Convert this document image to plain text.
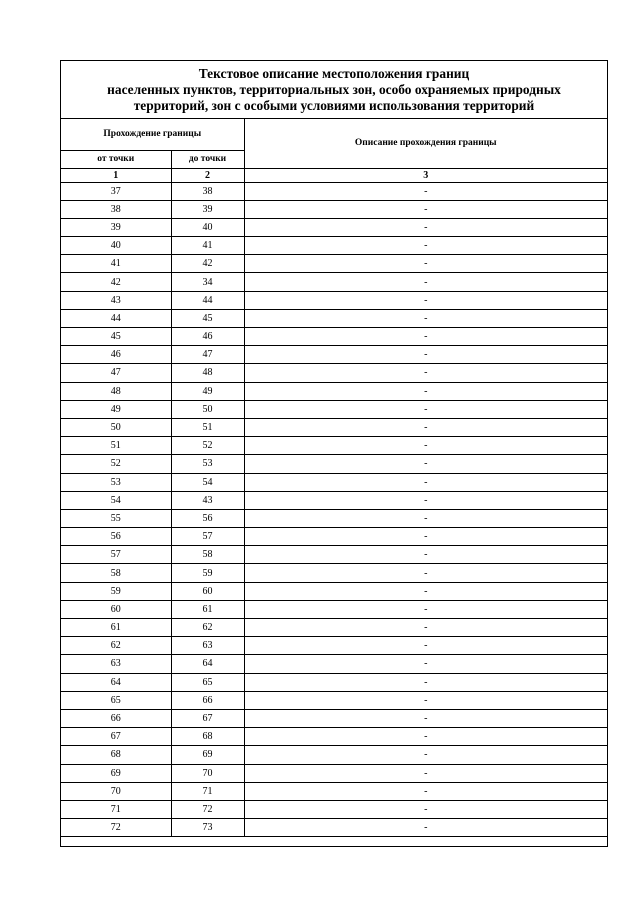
Текстовое описание местоположения границ
населенных пунктов, территориальных зон, особо охраняемых природных
территорий, зон с особыми условиями использования территорий
Прохождение границы		Описание прохождения границы
от точки	до точки	
1	2	3
37	38	-
38	39	-
39	40	-
40	41	-
41	42	-
42	34	-
43	44	-
44	45	-
45	46	-
46	47	-
47	48	-
48	49	-
49	50	-
50	51	-
51	52	-
52	53	-
53	54	-
54	43	-
55	56	-
56	57	-
57	58	-
58	59	-
59	60	-
60	61	-
61	62	-
62	63	-
63	64	-
64	65	-
65	66	-
66	67	-
67	68	-
68	69	-
69	70	-
70	71	-
71	72	-
72	73	-
